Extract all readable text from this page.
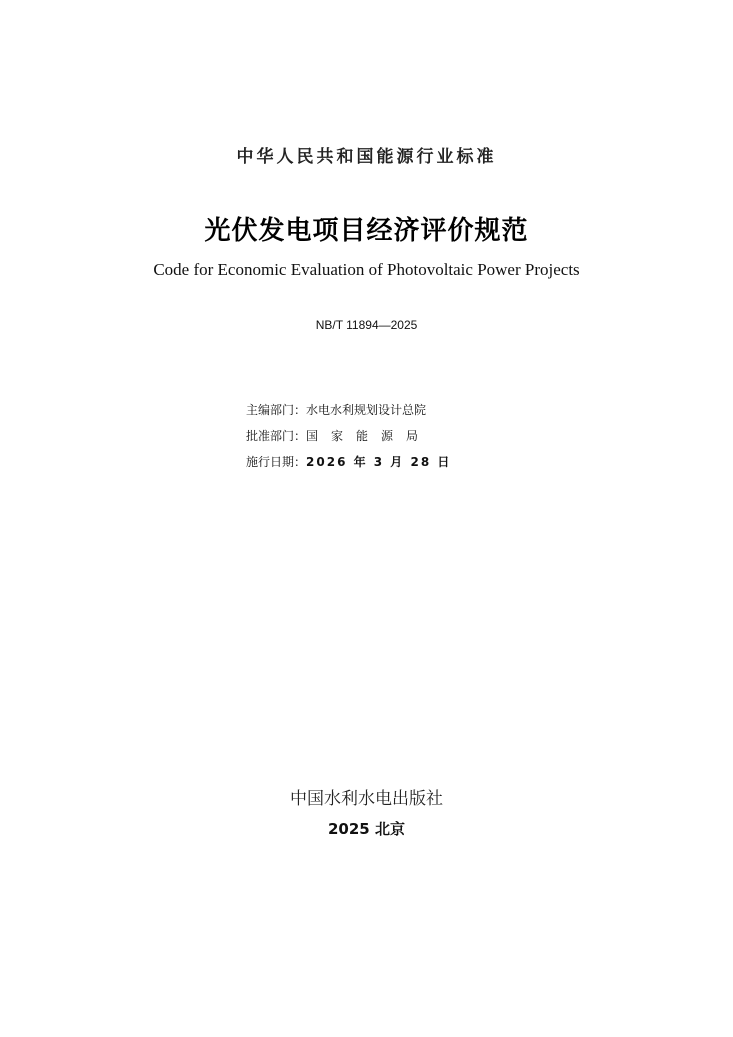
中华人民共和国能源行业标准
光伏发电项目经济评价规范
Code for Economic Evaluation of Photovoltaic Power Projects
NB/T 11894—2025
主编部门：水电水利规划设计总院
批准部门：国家能源局
施行日期：2026 年 3 月 28 日
中国水利水电出版社
2025 北京
